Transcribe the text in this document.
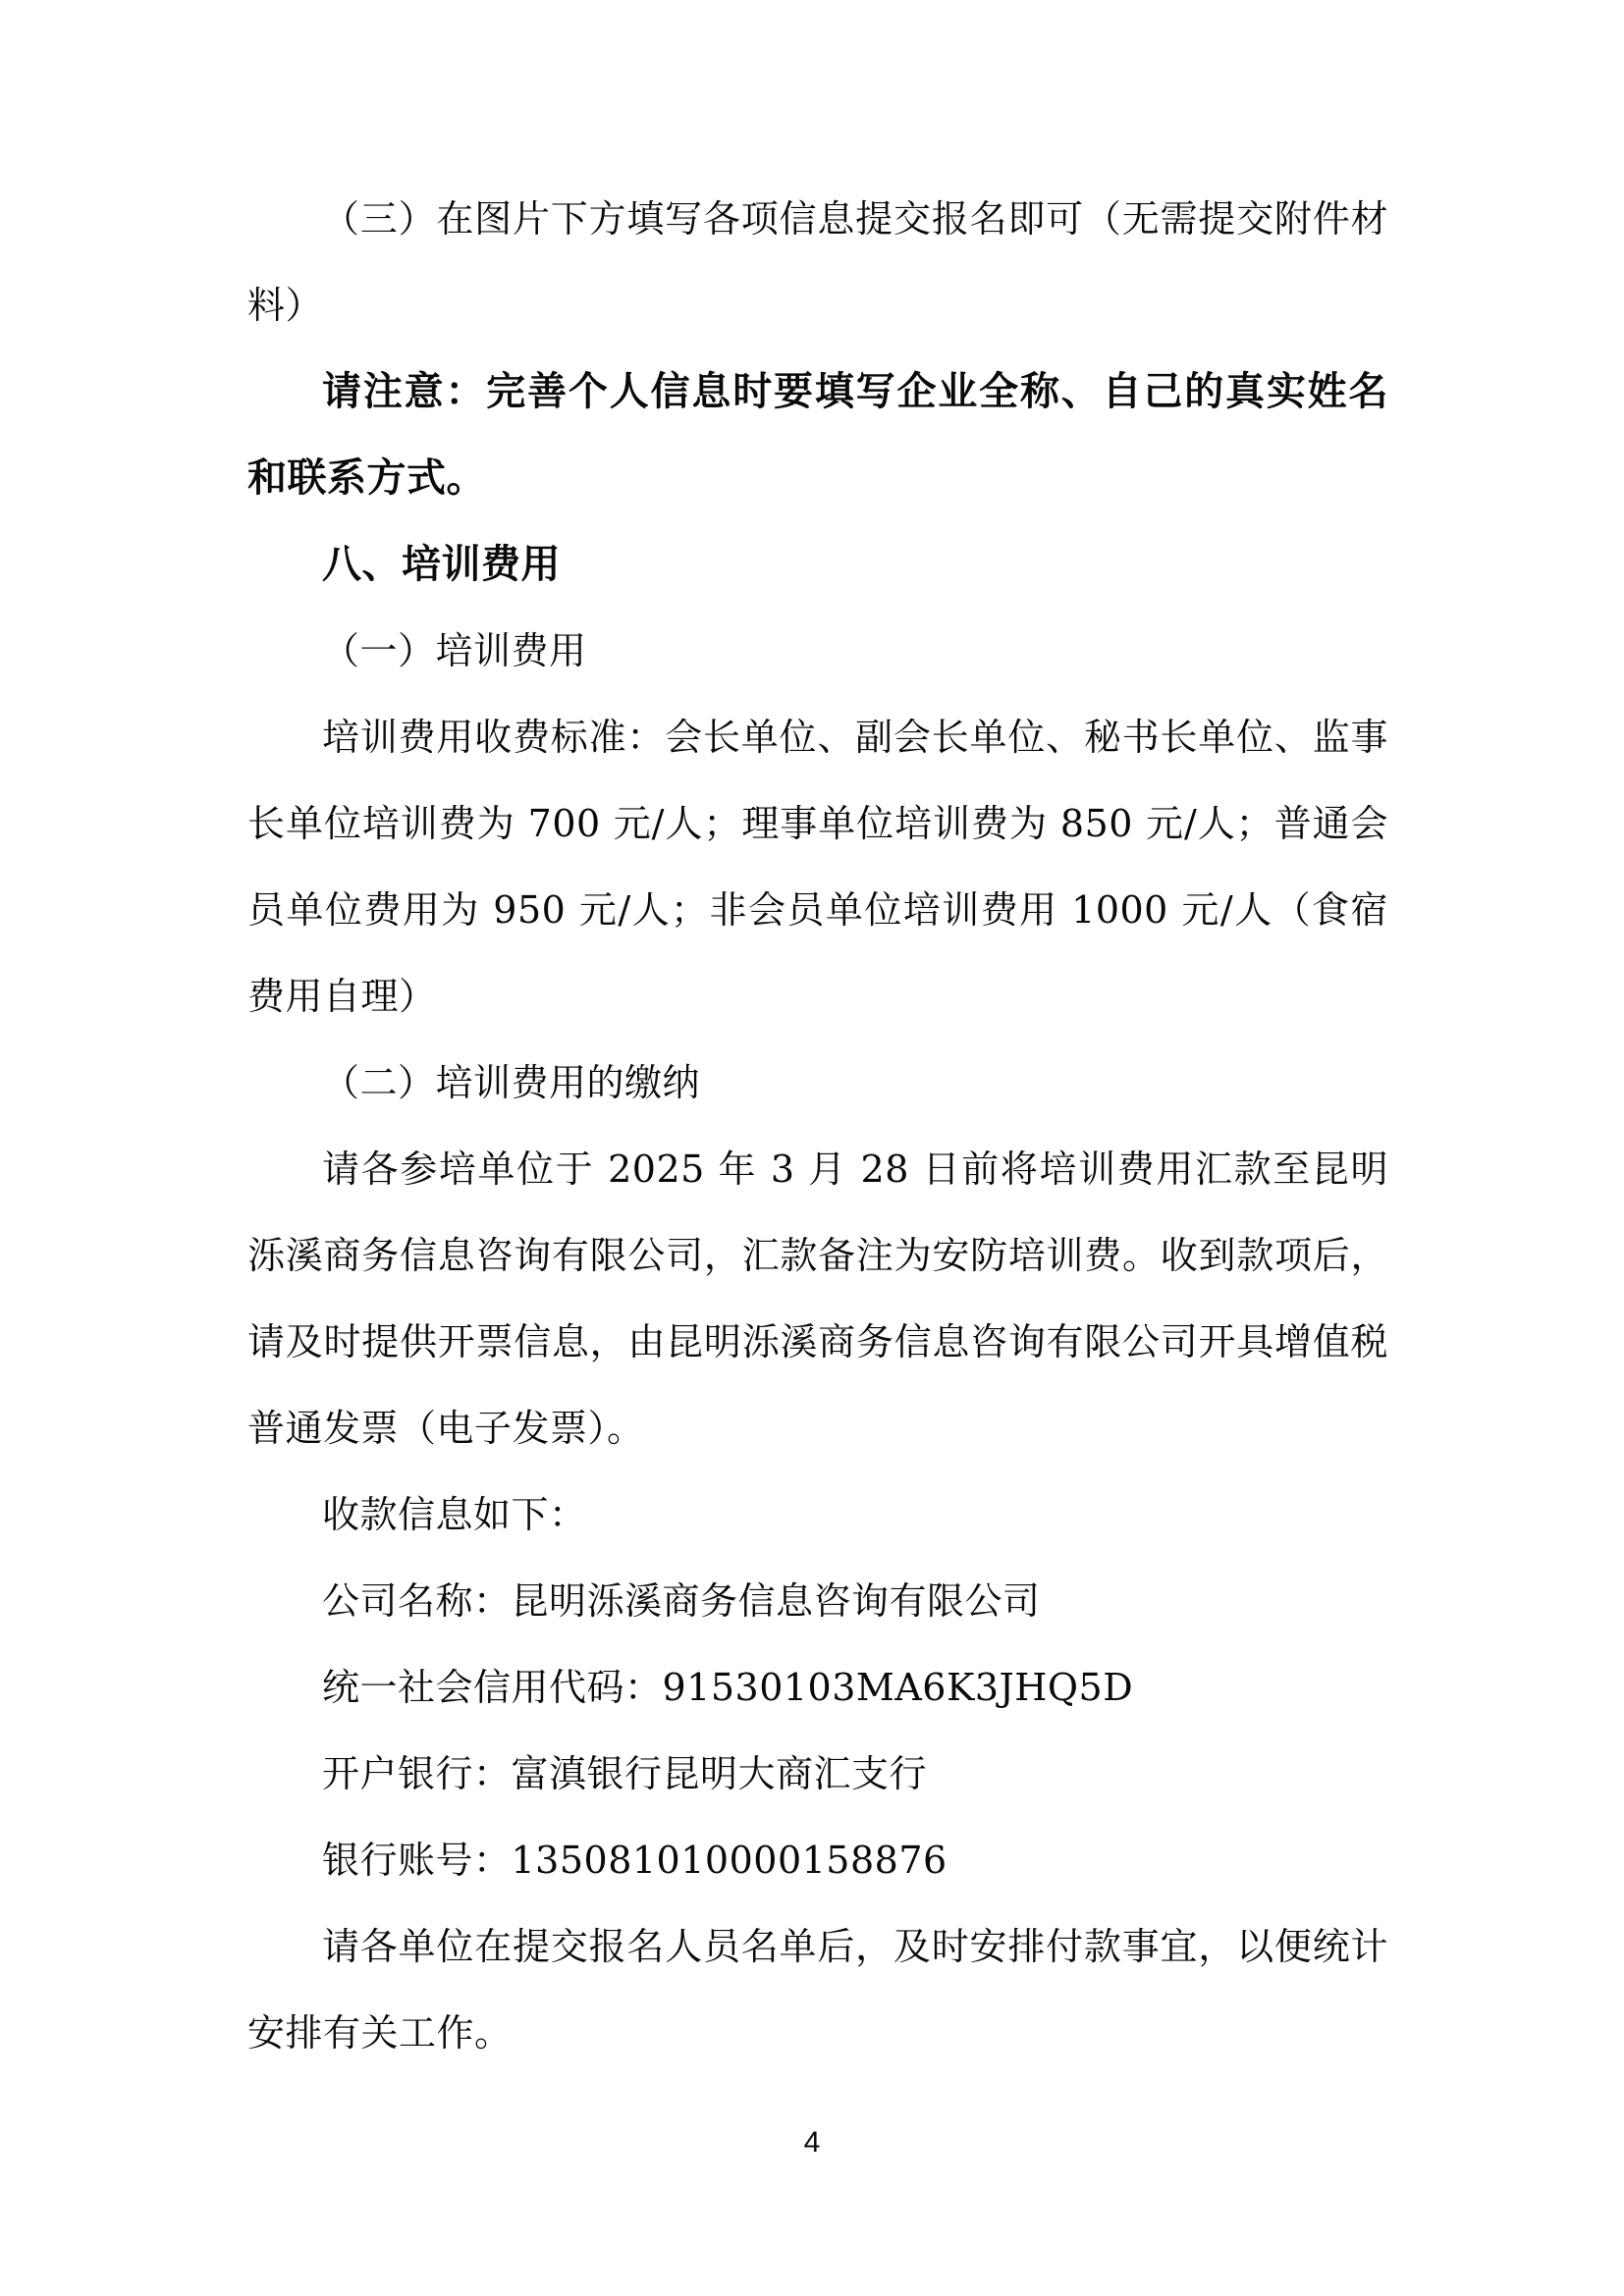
（三）在图片下方填写各项信息提交报名即可（无需提交附件材料）

请注意：完善个人信息时要填写企业全称、自己的真实姓名和联系方式。

八、培训费用

（一）培训费用

培训费用收费标准：会长单位、副会长单位、秘书长单位、监事长单位培训费为 700 元/人；理事单位培训费为 850 元/人；普通会员单位费用为 950 元/人；非会员单位培训费用 1000 元/人（食宿费用自理）

（二）培训费用的缴纳

请各参培单位于 2025 年 3 月 28 日前将培训费用汇款至昆明泺溪商务信息咨询有限公司，汇款备注为安防培训费。收到款项后，请及时提供开票信息，由昆明泺溪商务信息咨询有限公司开具增值税普通发票（电子发票）。

收款信息如下：

公司名称：昆明泺溪商务信息咨询有限公司

统一社会信用代码：91530103MA6K3JHQ5D

开户银行：富滇银行昆明大商汇支行

银行账号：135081010000158876

请各单位在提交报名人员名单后，及时安排付款事宜，以便统计安排有关工作。

4
